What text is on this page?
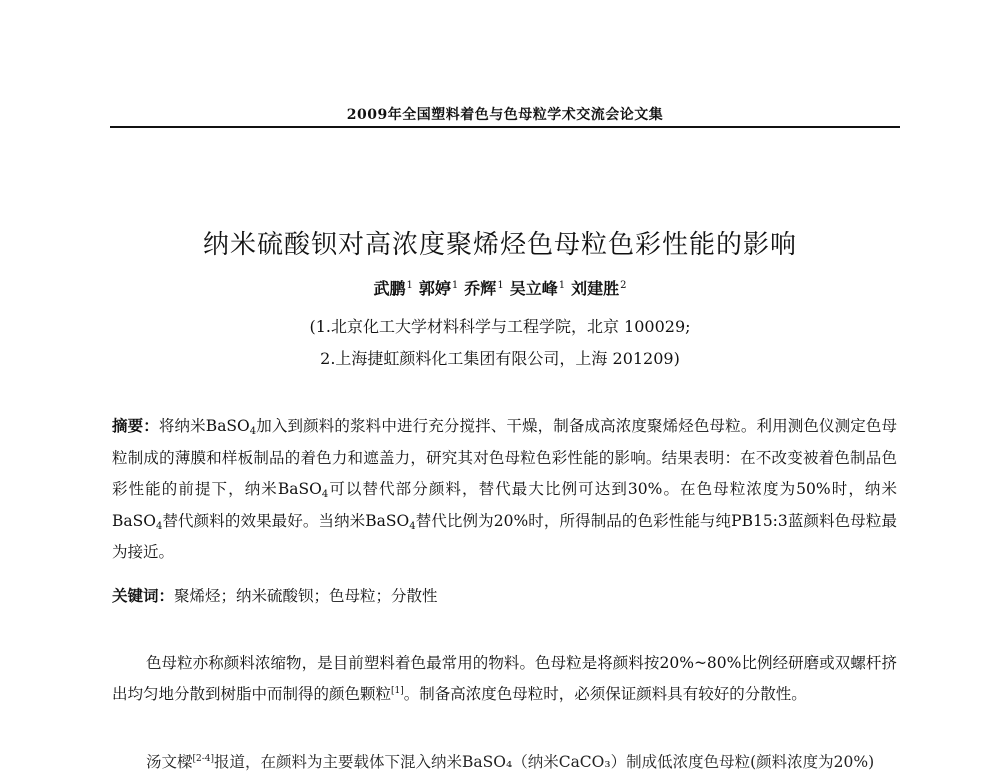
2009年全国塑料着色与色母粒学术交流会论文集
纳米硫酸钡对高浓度聚烯烃色母粒色彩性能的影响
武鹏$^1$ 郭婷$^1$ 乔辉$^1$ 吴立峰$^1$ 刘建胜$^2$
(1.北京化工大学材料科学与工程学院，北京 100029;
2.上海捷虹颜料化工集团有限公司，上海 201209)

摘要：将纳米BaSO$_4$加入到颜料的浆料中进行充分搅拌、干燥，制备成高浓度聚烯烃色母粒。利用测色仪测定色母粒制成的薄膜和样板制品的着色力和遮盖力，研究其对色母粒色彩性能的影响。结果表明：在不改变被着色制品色彩性能的前提下，纳米BaSO$_4$可以替代部分颜料，替代最大比例可达到30%。在色母粒浓度为50%时，纳米BaSO$_4$替代颜料的效果最好。当纳米BaSO$_4$替代比例为20%时，所得制品的色彩性能与纯PB15:3蓝颜料色母粒最为接近。

关键词：聚烯烃；纳米硫酸钡；色母粒；分散性

色母粒亦称颜料浓缩物，是目前塑料着色最常用的物料。色母粒是将颜料按20%~80%比例经研磨或双螺杆挤出均匀地分散到树脂中而制得的颜色颗粒[1]。制备高浓度色母粒时，必须保证颜料具有较好的分散性。

汤文樑[2-4]报道，在颜料为主要载体下混入纳米BaSO₄（纳米CaCO₃）制成低浓度色母粒(颜料浓度为20%)
